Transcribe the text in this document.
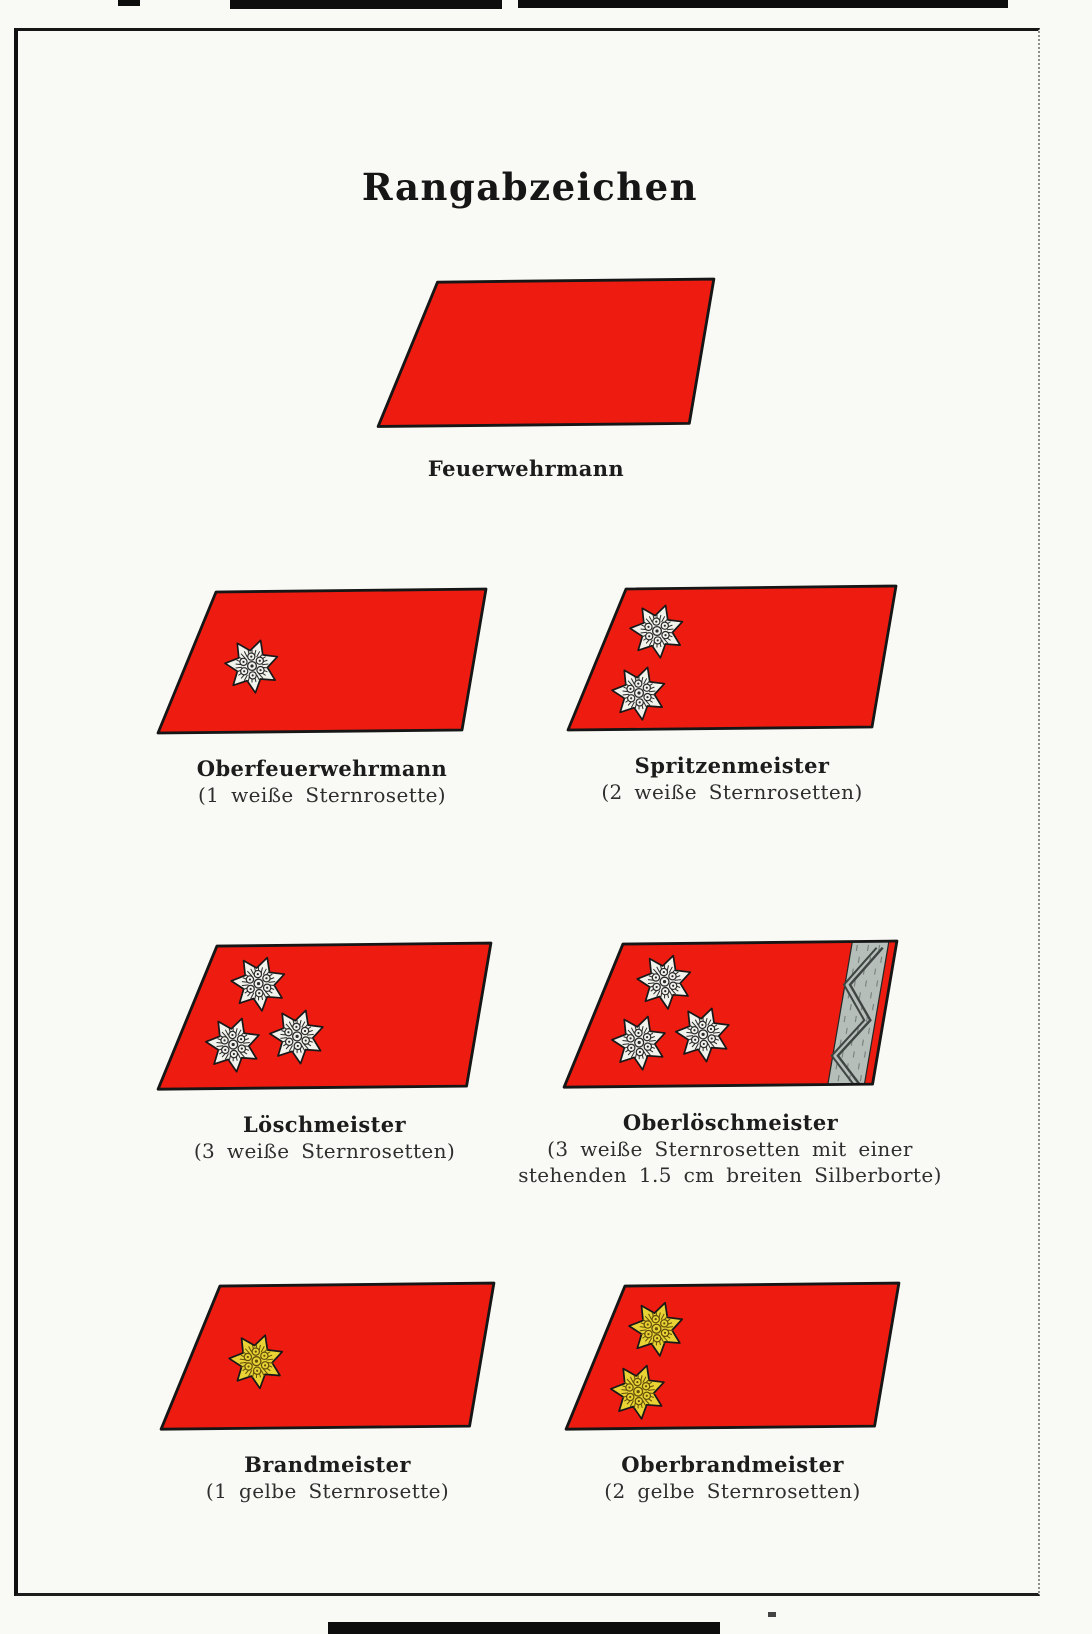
Rangabzeichen
Feuerwehrmann
Oberfeuerwehrmann
(1 weiße Sternrosette)
Spritzenmeister
(2 weiße Sternrosetten)
Löschmeister
(3 weiße Sternrosetten)
Oberlöschmeister
(3 weiße Sternrosetten mit einer stehenden 1.5 cm breiten Silberborte)
Brandmeister
(1 gelbe Sternrosette)
Oberbrandmeister
(2 gelbe Sternrosetten)
